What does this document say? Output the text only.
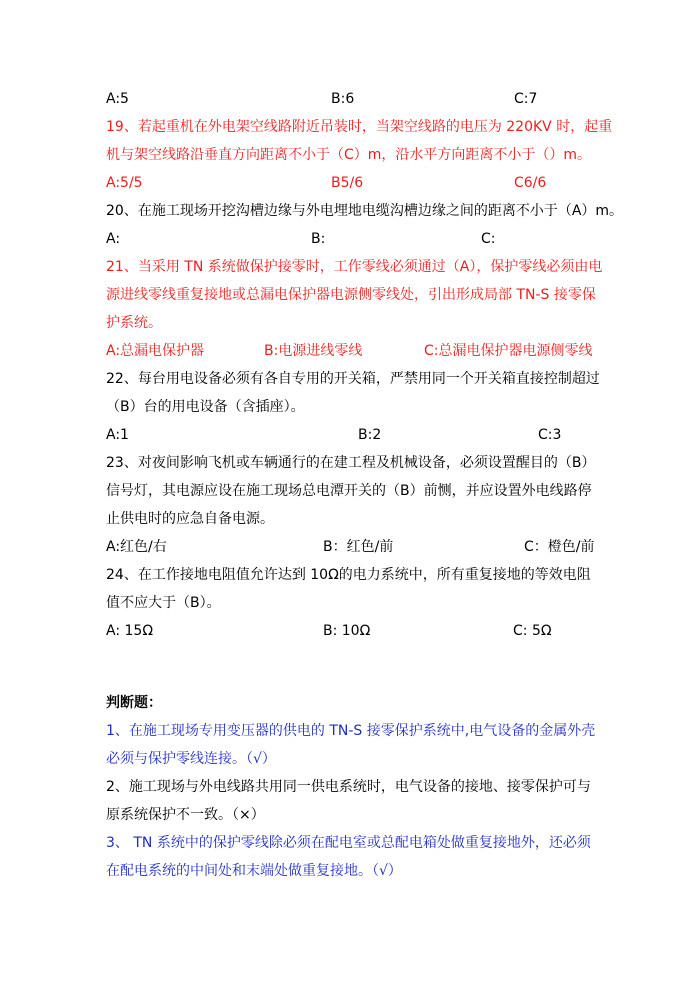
A:5	B:6	C:7
19、若起重机在外电架空线路附近吊装时，当架空线路的电压为 220KV 时，起重
机与架空线路沿垂直方向距离不小于（C）m，沿水平方向距离不小于（）m。
A:5/5	B5/6	C6/6
20、在施工现场开挖沟槽边缘与外电埋地电缆沟槽边缘之间的距离不小于（A）m。
A:	B:	C:
21、当采用 TN 系统做保护接零时，工作零线必须通过（A），保护零线必须由电
源进线零线重复接地或总漏电保护器电源侧零线处，引出形成局部 TN-S 接零保
护系统。
A:总漏电保护器	B:电源进线零线	C:总漏电保护器电源侧零线
22、每台用电设备必须有各自专用的开关箱，严禁用同一个开关箱直接控制超过
（B）台的用电设备（含插座）。
A:1	B:2	C:3
23、对夜间影响飞机或车辆通行的在建工程及机械设备，必须设置醒目的（B）
信号灯，其电源应设在施工现场总电潭开关的（B）前恻，并应设置外电线路停
止供电时的应急自备电源。
A:红色/右	B：红色/前	C：橙色/前
24、在工作接地电阻值允许达到 10Ω的电力系统中，所有重复接地的等效电阻
值不应大于（B）。
A: 15Ω	B: 10Ω	C: 5Ω
判断题：
1、在施工现场专用变压器的供电的 TN-S 接零保护系统中,电气设备的金属外壳
必须与保护零线连接。（√）
2、施工现场与外电线路共用同一供电系统时，电气设备的接地、接零保护可与
原系统保护不一致。（×）
3、 TN 系统中的保护零线除必须在配电室或总配电箱处做重复接地外，还必须
在配电系统的中间处和末端处做重复接地。（√）
